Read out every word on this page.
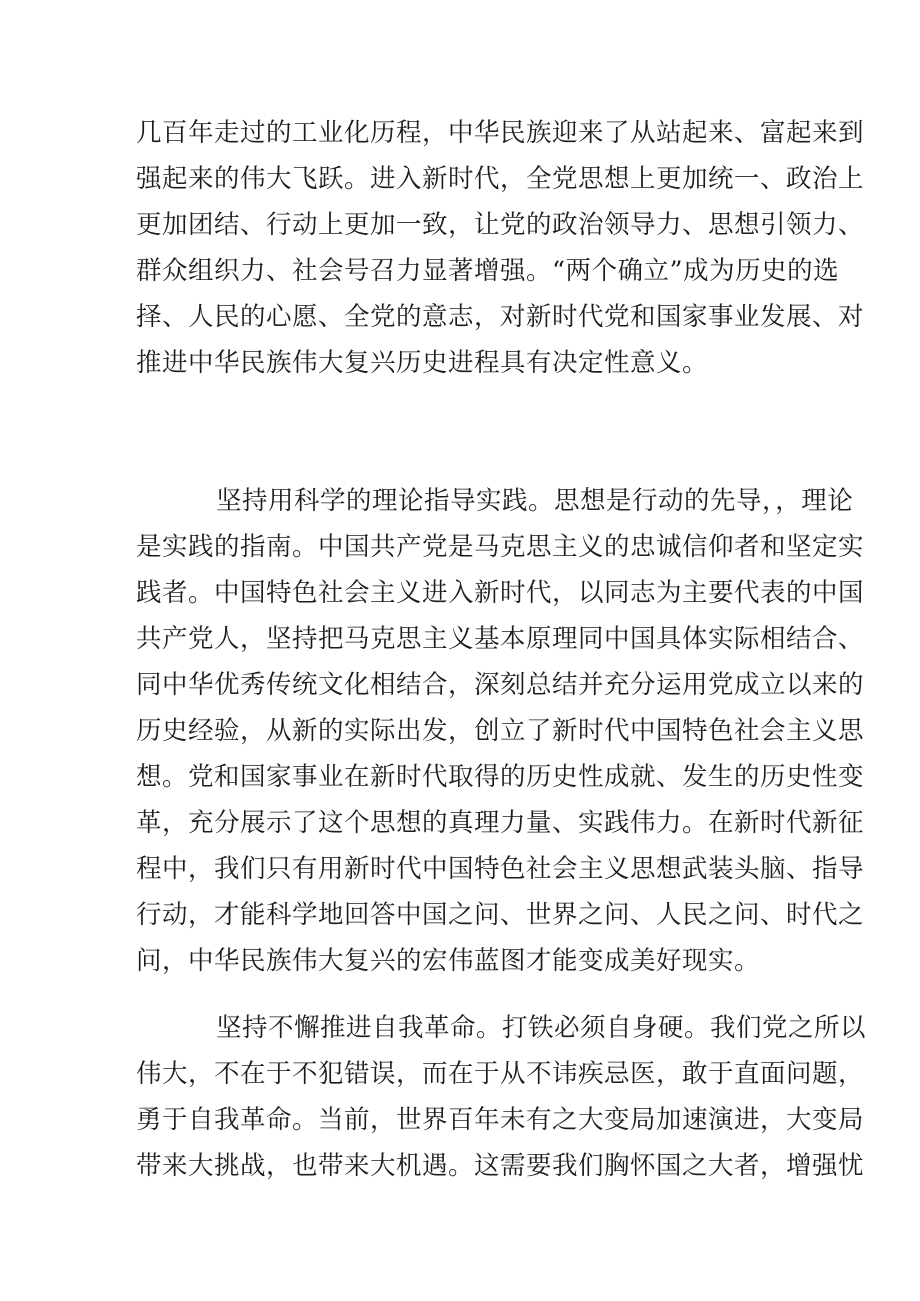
几百年走过的工业化历程，中华民族迎来了从站起来、富起来到
强起来的伟大飞跃。进入新时代，全党思想上更加统一、政治上
更加团结、行动上更加一致，让党的政治领导力、思想引领力、
群众组织力、社会号召力显著增强。“两个确立”成为历史的选
择、人民的心愿、全党的意志，对新时代党和国家事业发展、对
推进中华民族伟大复兴历史进程具有决定性意义。
坚持用科学的理论指导实践。思想是行动的先导，，理论
是实践的指南。中国共产党是马克思主义的忠诚信仰者和坚定实
践者。中国特色社会主义进入新时代，以同志为主要代表的中国
共产党人，坚持把马克思主义基本原理同中国具体实际相结合、
同中华优秀传统文化相结合，深刻总结并充分运用党成立以来的
历史经验，从新的实际出发，创立了新时代中国特色社会主义思
想。党和国家事业在新时代取得的历史性成就、发生的历史性变
革，充分展示了这个思想的真理力量、实践伟力。在新时代新征
程中，我们只有用新时代中国特色社会主义思想武装头脑、指导
行动，才能科学地回答中国之问、世界之问、人民之问、时代之
问，中华民族伟大复兴的宏伟蓝图才能变成美好现实。
坚持不懈推进自我革命。打铁必须自身硬。我们党之所以
伟大，不在于不犯错误，而在于从不讳疾忌医，敢于直面问题，
勇于自我革命。当前，世界百年未有之大变局加速演进，大变局
带来大挑战，也带来大机遇。这需要我们胸怀国之大者，增强忧
